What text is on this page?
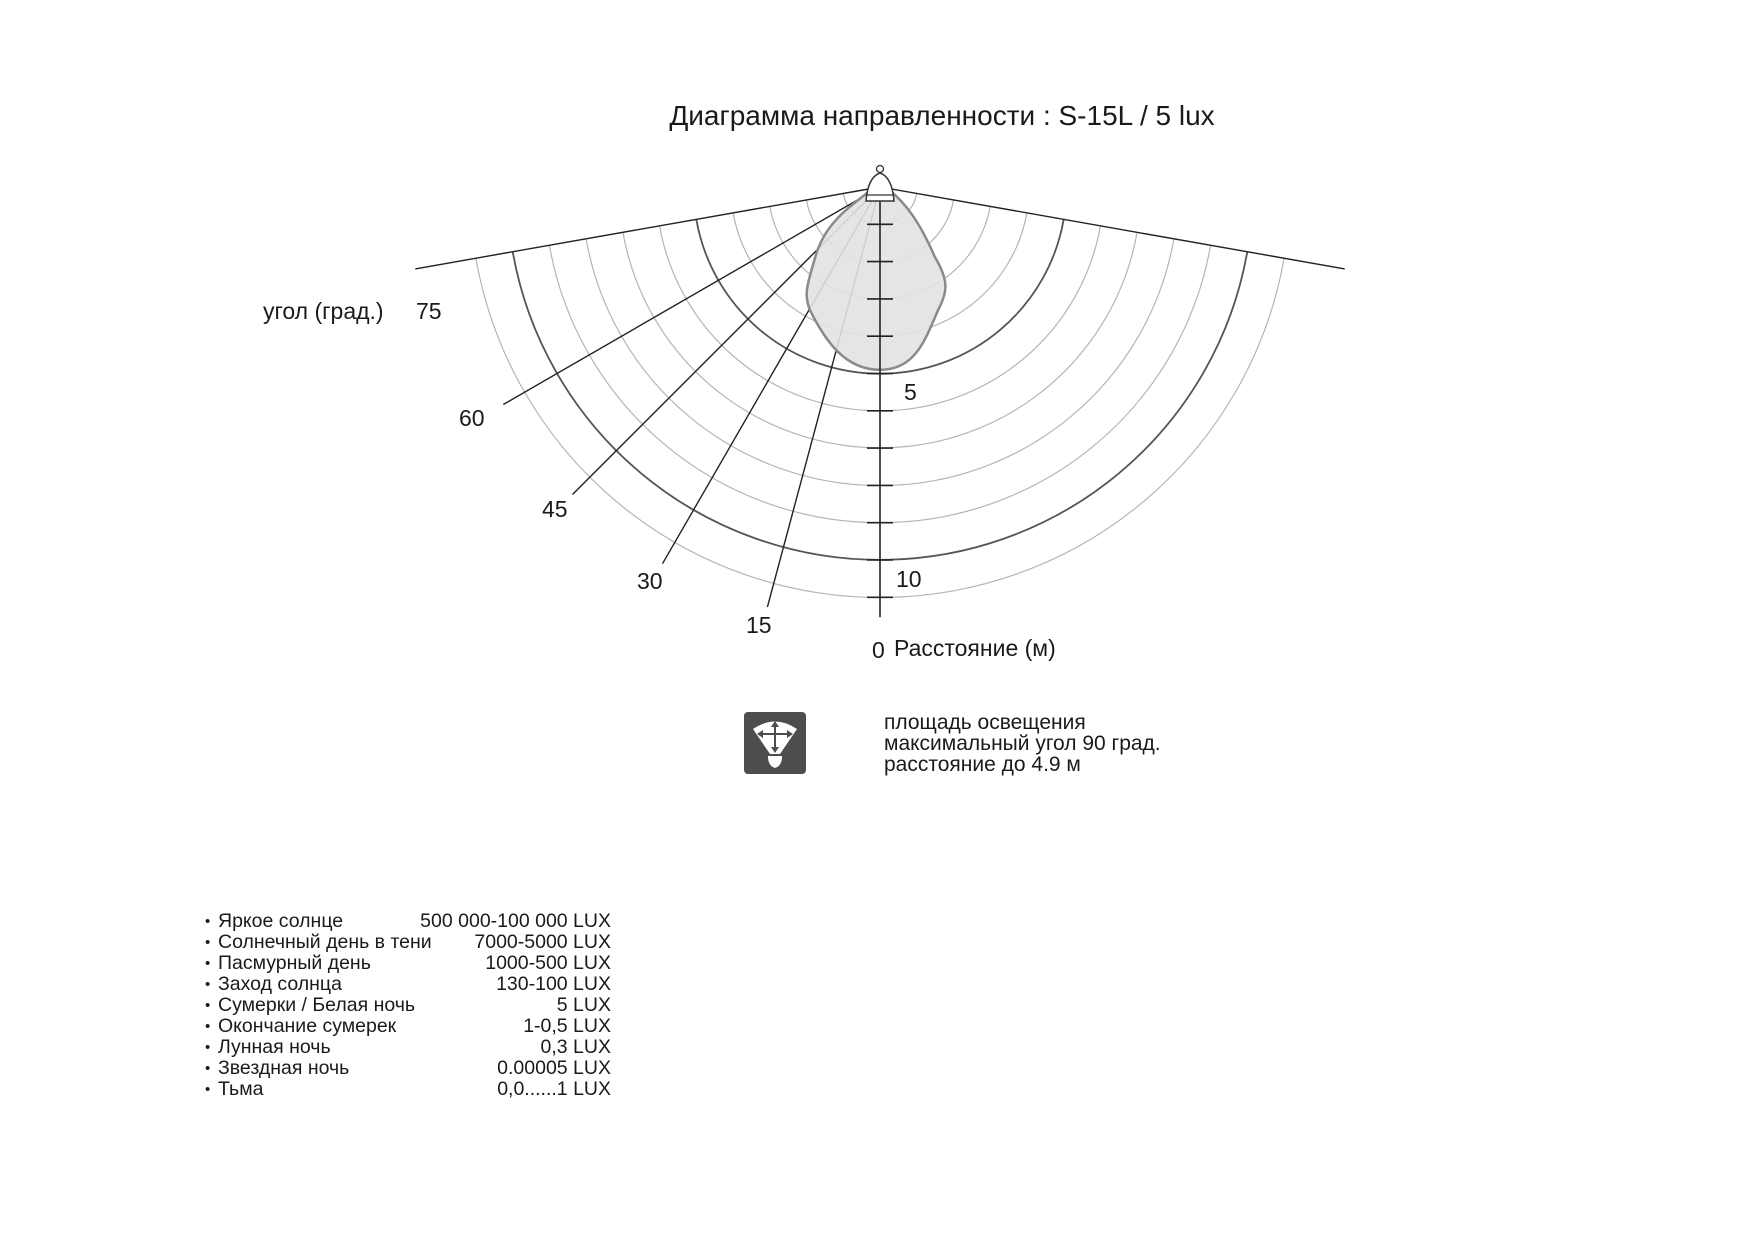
Диаграмма направленности : S-15L / 5 lux
угол (град.) 75
60
45
30
15
5
10
0 Расстояние (м)
площадь освещения
максимальный угол 90 град.
расстояние до 4.9 м
• Яркое солнце	500 000-100 000 LUX
• Солнечный день в тени 7000-5000 LUX
• Пасмурный день	1000-500 LUX
• Заход солнца	130-100 LUX
• Сумерки / Белая ночь	5 LUX
• Окончание сумерек	1-0,5 LUX
• Лунная ночь	0,3 LUX
• Звездная ночь	0.00005 LUX
• Тьма	0,0......1 LUX
